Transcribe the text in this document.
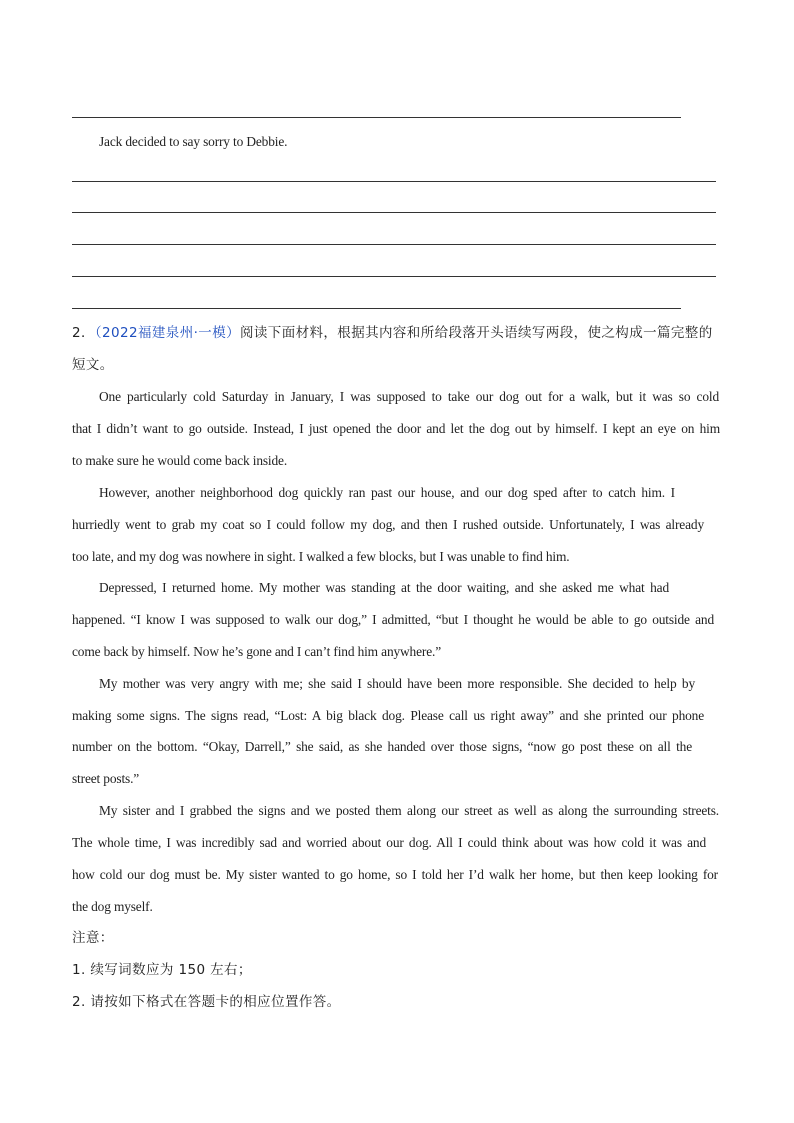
Jack decided to say sorry to Debbie.
2．（2022福建泉州·一模）阅读下面材料，根据其内容和所给段落开头语续写两段，使之构成一篇完整的
短文。
One particularly cold Saturday in January, I was supposed to take our dog out for a walk, but it was so cold
that I didn’t want to go outside. Instead, I just opened the door and let the dog out by himself. I kept an eye on him
to make sure he would come back inside.
However, another neighborhood dog quickly ran past our house, and our dog sped after to catch him. I
hurriedly went to grab my coat so I could follow my dog, and then I rushed outside. Unfortunately, I was already
too late, and my dog was nowhere in sight. I walked a few blocks, but I was unable to find him.
Depressed, I returned home. My mother was standing at the door waiting, and she asked me what had
happened. “I know I was supposed to walk our dog,” I admitted, “but I thought he would be able to go outside and
come back by himself. Now he’s gone and I can’t find him anywhere.”
My mother was very angry with me; she said I should have been more responsible. She decided to help by
making some signs. The signs read, “Lost: A big black dog. Please call us right away” and she printed our phone
number on the bottom. “Okay, Darrell,” she said, as she handed over those signs, “now go post these on all the
street posts.”
My sister and I grabbed the signs and we posted them along our street as well as along the surrounding streets.
The whole time, I was incredibly sad and worried about our dog. All I could think about was how cold it was and
how cold our dog must be. My sister wanted to go home, so I told her I’d walk her home, but then keep looking for
the dog myself.
注意：
1. 续写词数应为 150 左右；
2. 请按如下格式在答题卡的相应位置作答。
